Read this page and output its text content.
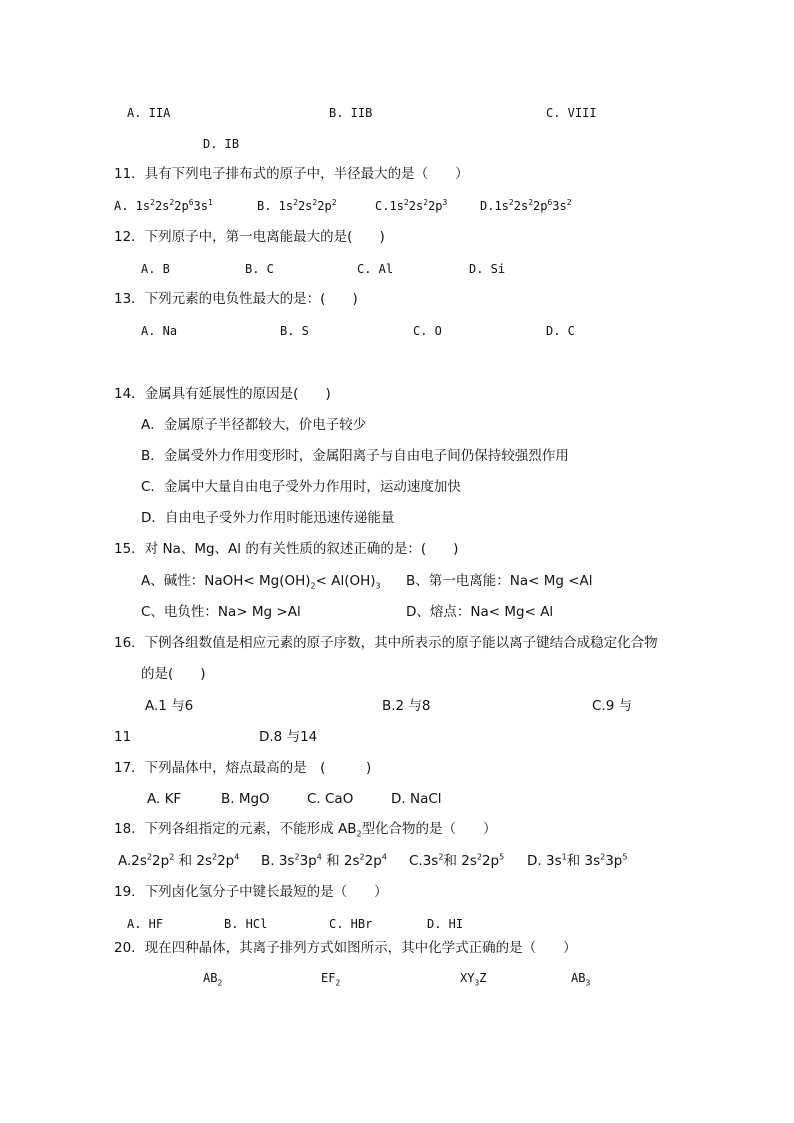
A. IIA	B. IIB	C. VIII
D. IB
11．具有下列电子排布式的原子中，半径最大的是（　　）
A. $1s^22s^22p^63s^1$	B. $1s^22s^22p^2$	$C.1s^22s^22p^3$	$D.1s^22s^22p^63s^2$
12．下列原子中，第一电离能最大的是(　　)
A. B	B. C	C. Al	D. Si
13．下列元素的电负性最大的是：(　　)
A. Na	B. S	C. O	D. C
14．金属具有延展性的原因是(　　)
A．金属原子半径都较大，价电子较少
B．金属受外力作用变形时，金属阳离子与自由电子间仍保持较强烈作用
C．金属中大量自由电子受外力作用时，运动速度加快
D．自由电子受外力作用时能迅速传递能量
15．对 Na、Mg、Al 的有关性质的叙述正确的是：(　　)
A、碱性：NaOH< $Mg(OH)_2< Al(OH)_3$ B、第一电离能：Na< Mg <Al
C、电负性：Na> Mg >Al	D、熔点：Na< Mg< Al
16．下例各组数值是相应元素的原子序数，其中所表示的原子能以离子键结合成稳定化合物
的是(　　)
A.1 与6	B.2 与8	C.9 与
11	D.8 与14
17．下列晶体中，熔点最高的是　(　　　)
A. KF	B. MgO	C. CaO	D. NaCl
18．下列各组指定的元素，不能形成 $AB_2$型化合物的是（　　）
$A.2s^22p^2$ 和 $2s^22p^4$ B. $3s^23p^4$ 和 $2s^22p^4$ $C.3s^2$和 $2s^22p^5$ D. $3s^1$和 $3s^23p^5$
19．下列卤化氢分子中键长最短的是（　　）
A. HF	B. HCl	C. HBr	D. HI
20．现在四种晶体，其离子排列方式如图所示，其中化学式正确的是（　　）
$AB_2$	$EF_2$	$XY_3Z$	$AB_3$
